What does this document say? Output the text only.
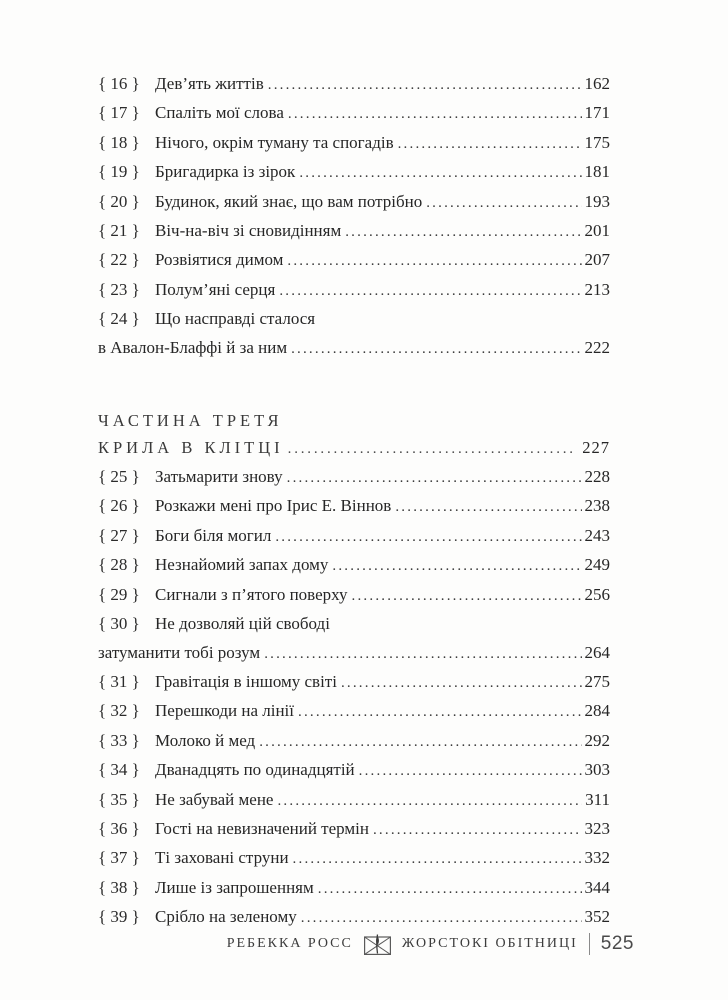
{ 16 } Дев’ять життів .....	162
{ 17 } Спаліть мої слова .....	171
{ 18 } Нічого, окрім туману та спогадів .....	175
{ 19 } Бригадирка із зірок .....	181
{ 20 } Будинок, який знає, що вам потрібно .....	193
{ 21 } Віч-на-віч зі сновидінням .....	201
{ 22 } Розвіятися димом .....	207
{ 23 } Полум’яні серця .....	213
{ 24 } Що насправді сталося
в Авалон-Блаффі й за ним .....	222
ЧАСТИНА ТРЕТЯ
КРИЛА В КЛІТЦІ .....	227
{ 25 } Затьмарити знову .....	228
{ 26 } Розкажи мені про Ірис Е. Віннов .....	238
{ 27 } Боги біля могил .....	243
{ 28 } Незнайомий запах дому .....	249
{ 29 } Сигнали з п’ятого поверху .....	256
{ 30 } Не дозволяй цій свободі
затуманити тобі розум .....	264
{ 31 } Гравітація в іншому світі .....	275
{ 32 } Перешкоди на лінії .....	284
{ 33 } Молоко й мед .....	292
{ 34 } Дванадцять по одинадцятій .....	303
{ 35 } Не забувай мене .....	311
{ 36 } Гості на невизначений термін .....	323
{ 37 } Ті заховані струни .....	332
{ 38 } Лише із запрошенням .....	344
{ 39 } Срібло на зеленому .....	352
РЕБЕККА РОСС	ЖОРСТОКІ ОБІТНИЦІ 525
